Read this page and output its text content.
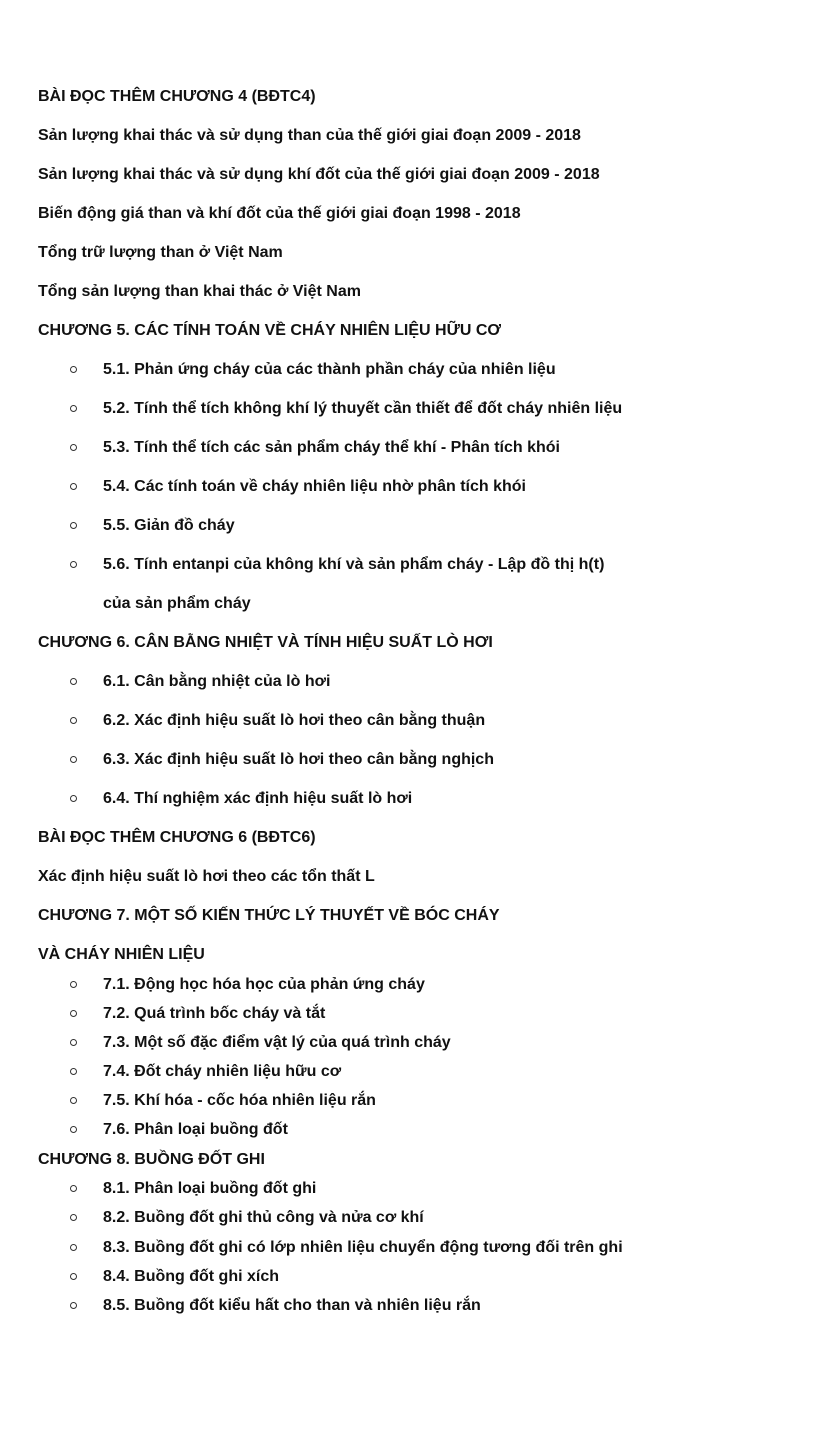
BÀI ĐỌC THÊM CHƯƠNG 4 (BĐTC4)
Sản lượng khai thác và sử dụng than của thế giới giai đoạn 2009 - 2018
Sản lượng khai thác và sử dụng khí đốt của thế giới giai đoạn 2009 - 2018
Biến động giá than và khí đốt của thế giới giai đoạn 1998 - 2018
Tổng trữ lượng than ở Việt Nam
Tổng sản lượng than khai thác ở Việt Nam
CHƯƠNG 5. CÁC TÍNH TOÁN VỀ CHÁY NHIÊN LIỆU HỮU CƠ
5.1. Phản ứng cháy của các thành phần cháy của nhiên liệu
5.2. Tính thể tích không khí lý thuyết cần thiết để đốt cháy nhiên liệu
5.3. Tính thể tích các sản phẩm cháy thể khí - Phân tích khói
5.4. Các tính toán về cháy nhiên liệu nhờ phân tích khói
5.5. Giản đồ cháy
5.6. Tính entanpi của không khí và sản phẩm cháy - Lập đồ thị h(t)
của sản phẩm cháy
CHƯƠNG 6. CÂN BẰNG NHIỆT VÀ TÍNH HIỆU SUẤT LÒ HƠI
6.1. Cân bằng nhiệt của lò hơi
6.2. Xác định hiệu suất lò hơi theo cân bằng thuận
6.3. Xác định hiệu suất lò hơi theo cân bằng nghịch
6.4. Thí nghiệm xác định hiệu suất lò hơi
BÀI ĐỌC THÊM CHƯƠNG 6 (BĐTC6)
Xác định hiệu suất lò hơi theo các tổn thất L
CHƯƠNG 7. MỘT SỐ KIẾN THỨC LÝ THUYẾT VỀ BÓC CHÁY
VÀ CHÁY NHIÊN LIỆU
7.1. Động học hóa học của phản ứng cháy
7.2. Quá trình bốc cháy và tắt
7.3. Một số đặc điểm vật lý của quá trình cháy
7.4. Đốt cháy nhiên liệu hữu cơ
7.5. Khí hóa - cốc hóa nhiên liệu rắn
7.6. Phân loại buồng đốt
CHƯƠNG 8. BUỒNG ĐỐT GHI
8.1. Phân loại buồng đốt ghi
8.2. Buồng đốt ghi thủ công và nửa cơ khí
8.3. Buồng đốt ghi có lớp nhiên liệu chuyển động tương đối trên ghi
8.4. Buồng đốt ghi xích
8.5. Buồng đốt kiểu hất cho than và nhiên liệu rắn
